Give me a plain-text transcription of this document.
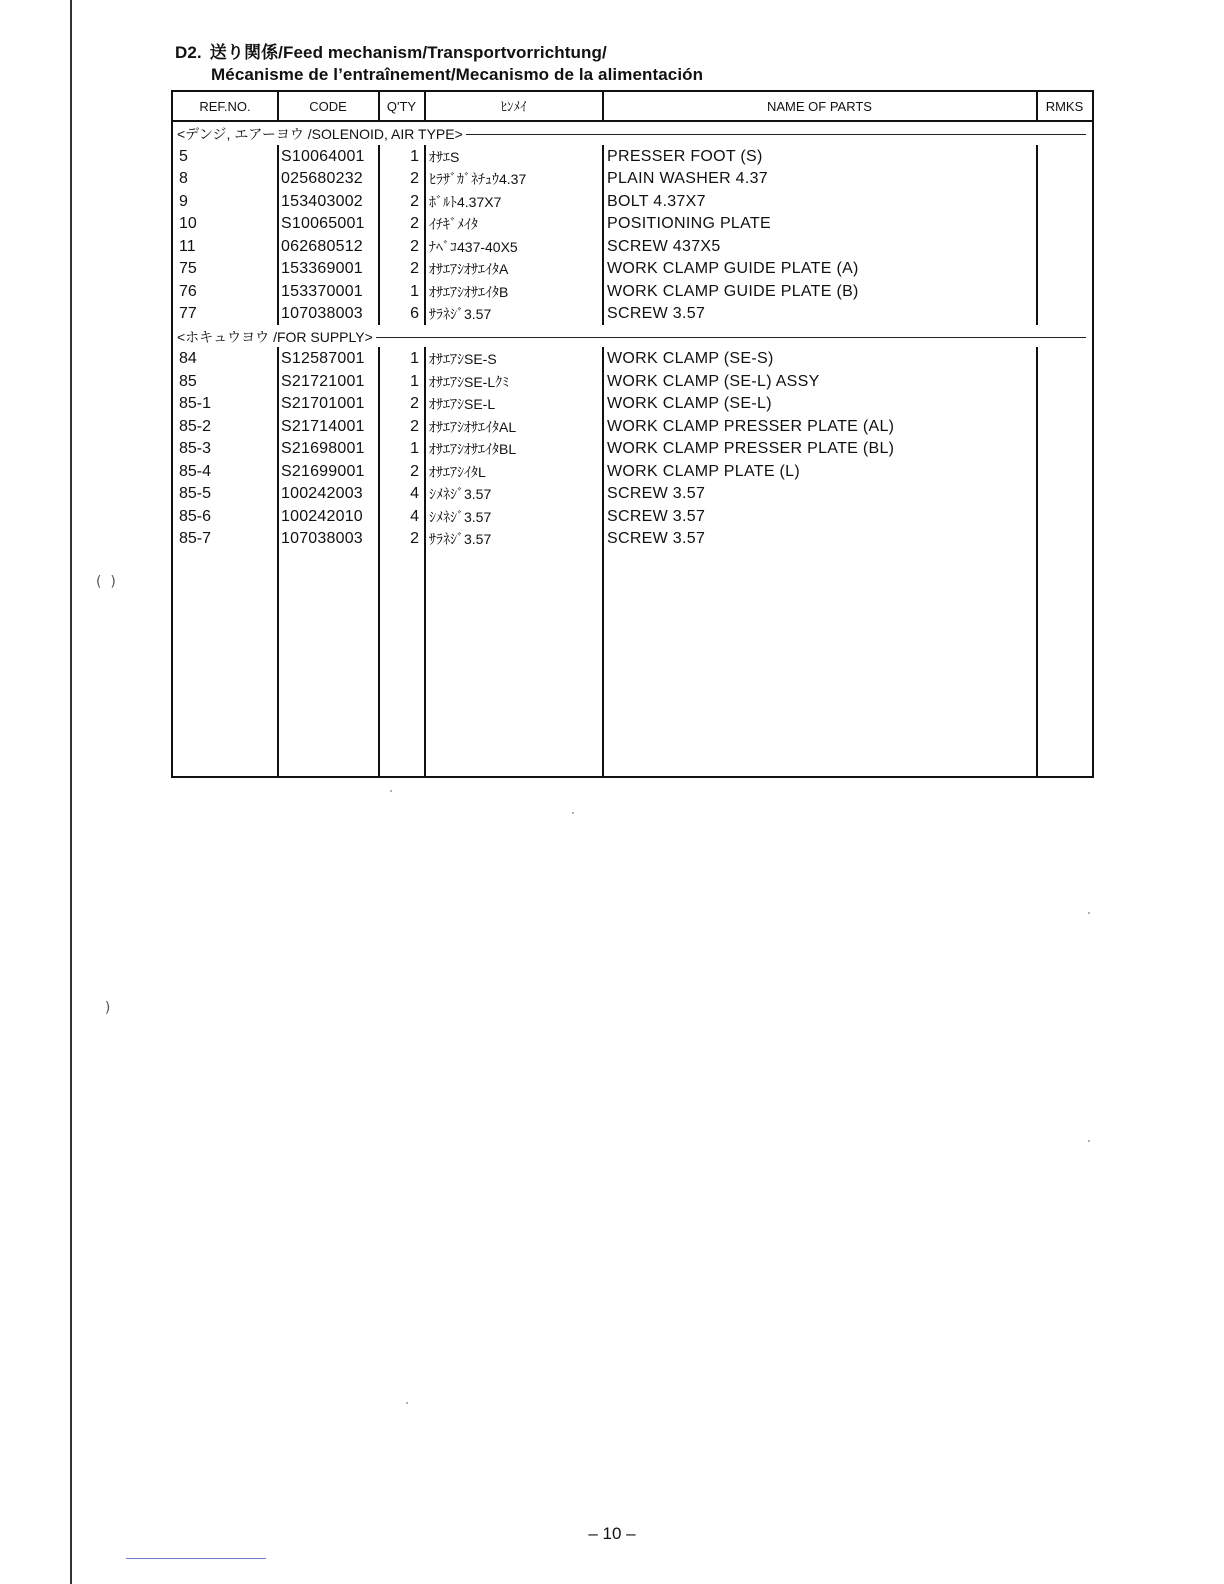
(  )
)
D2. 送り関係/Feed mechanism/Transportvorrichtung/
Mécanisme de l’entraînement/Mecanismo de la alimentación
REF.NO.	CODE	Q'TY	ﾋﾝﾒｲ	NAME OF PARTS	RMKS
<デンジ, エアーヨウ /SOLENOID, AIR TYPE>
5	S10064001	1 ｵｻｴS	PRESSER FOOT (S)
8	025680232	2 ﾋﾗｻﾞｶﾞﾈﾁｭｳ4.37	PLAIN WASHER 4.37
9	153403002	2 ﾎﾞﾙﾄ4.37X7	BOLT 4.37X7
10	S10065001	2 ｲﾁｷﾞﾒｲﾀ	POSITIONING PLATE
11	062680512	2 ﾅﾍﾞｺ437-40X5	SCREW 437X5
75	153369001	2 ｵｻｴｱｼｵｻｴｲﾀA	WORK CLAMP GUIDE PLATE (A)
76	153370001	1 ｵｻｴｱｼｵｻｴｲﾀB	WORK CLAMP GUIDE PLATE (B)
77	107038003	6 ｻﾗﾈｼﾞ3.57	SCREW 3.57
<ホキュウヨウ /FOR SUPPLY>
84	S12587001	1 ｵｻｴｱｼSE-S	WORK CLAMP (SE-S)
85	S21721001	1 ｵｻｴｱｼSE-Lｸﾐ	WORK CLAMP (SE-L) ASSY
85-1	S21701001	2 ｵｻｴｱｼSE-L	WORK CLAMP (SE-L)
85-2	S21714001	2 ｵｻｴｱｼｵｻｴｲﾀAL	WORK CLAMP PRESSER PLATE (AL)
85-3	S21698001	1 ｵｻｴｱｼｵｻｴｲﾀBL	WORK CLAMP PRESSER PLATE (BL)
85-4	S21699001	2 ｵｻｴｱｼｲﾀL	WORK CLAMP PLATE (L)
85-5	100242003	4 ｼﾒﾈｼﾞ3.57	SCREW 3.57
85-6	100242010	4 ｼﾒﾈｼﾞ3.57	SCREW 3.57
85-7	107038003	2 ｻﾗﾈｼﾞ3.57	SCREW 3.57
– 10 –
